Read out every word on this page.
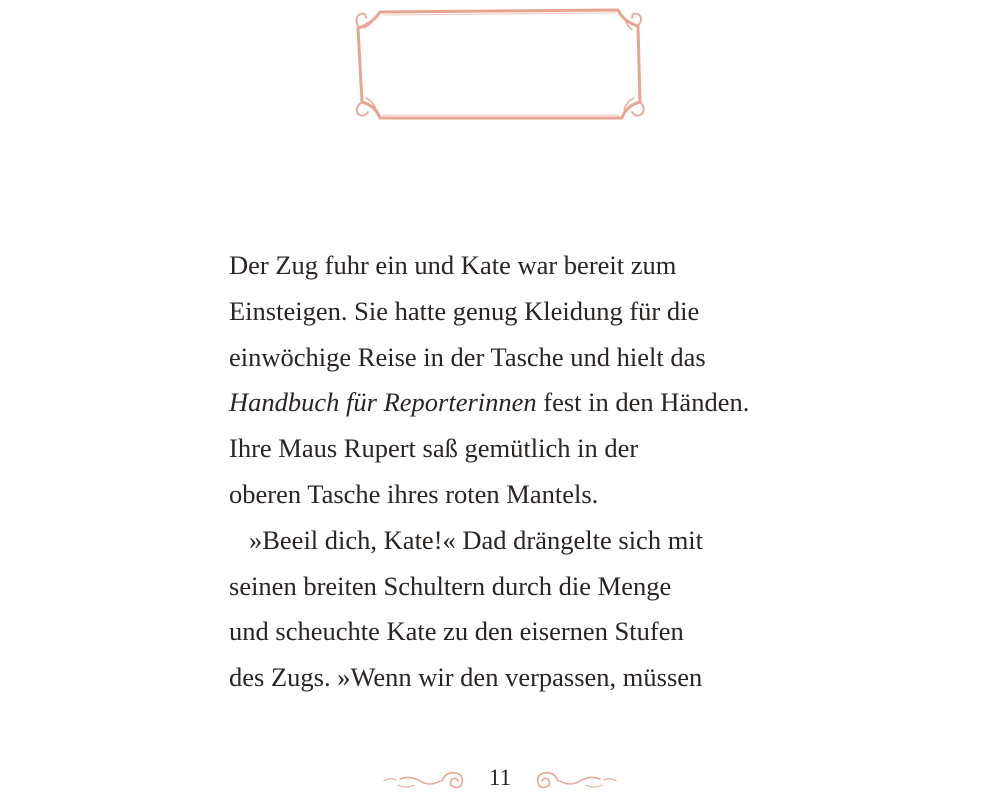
Der Zug fuhr ein und Kate war bereit zum
Einsteigen. Sie hatte genug Kleidung für die
einwöchige Reise in der Tasche und hielt das
Handbuch für Reporterinnen fest in den Händen.
Ihre Maus Rupert saß gemütlich in der
oberen Tasche ihres roten Mantels.
»Beeil dich, Kate!« Dad drängelte sich mit
seinen breiten Schultern durch die Menge
und scheuchte Kate zu den eisernen Stufen
des Zugs. »Wenn wir den verpassen, müssen
11
